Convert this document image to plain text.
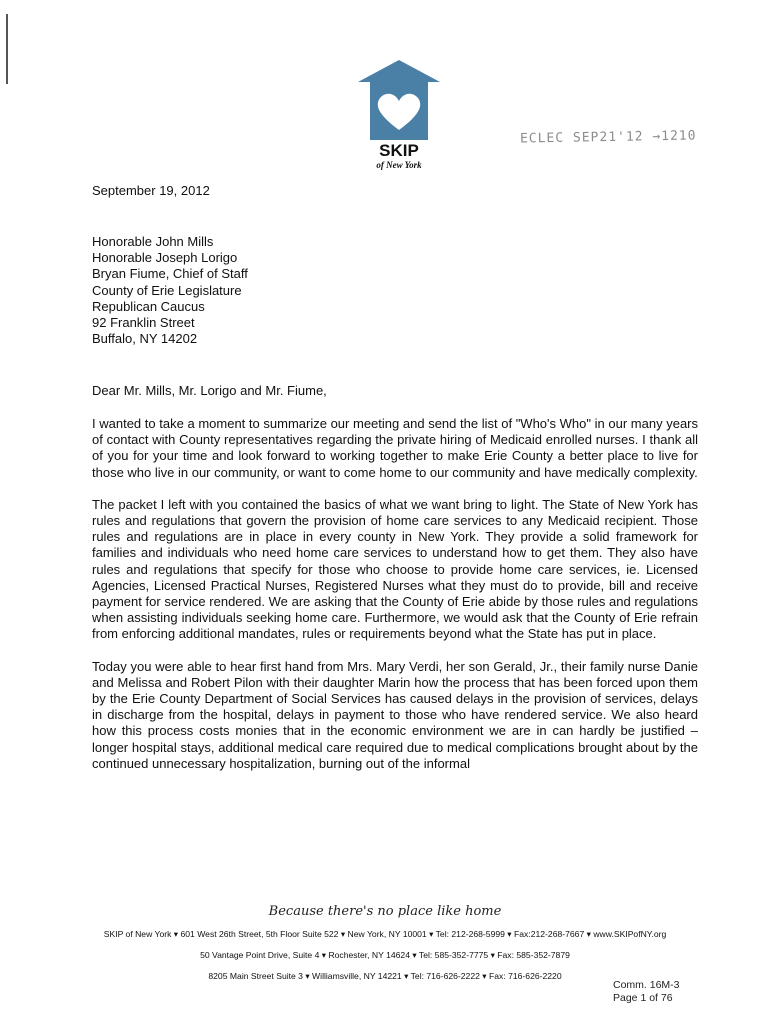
SKIP
of New York
ECLEC SEP21'12 →1210
September 19, 2012
Honorable John Mills
Honorable Joseph Lorigo
Bryan Fiume, Chief of Staff
County of Erie Legislature
Republican Caucus
92 Franklin Street
Buffalo, NY 14202
Dear Mr. Mills, Mr. Lorigo and Mr. Fiume,

I wanted to take a moment to summarize our meeting and send the list of "Who's Who" in our many years of contact with County representatives regarding the private hiring of Medicaid enrolled nurses. I thank all of you for your time and look forward to working together to make Erie County a better place to live for those who live in our community, or want to come home to our community and have medically complexity.

The packet I left with you contained the basics of what we want bring to light. The State of New York has rules and regulations that govern the provision of home care services to any Medicaid recipient. Those rules and regulations are in place in every county in New York. They provide a solid framework for families and individuals who need home care services to understand how to get them. They also have rules and regulations that specify for those who choose to provide home care services, ie. Licensed Agencies, Licensed Practical Nurses, Registered Nurses what they must do to provide, bill and receive payment for service rendered. We are asking that the County of Erie abide by those rules and regulations when assisting individuals seeking home care. Furthermore, we would ask that the County of Erie refrain from enforcing additional mandates, rules or requirements beyond what the State has put in place.

Today you were able to hear first hand from Mrs. Mary Verdi, her son Gerald, Jr., their family nurse Danie and Melissa and Robert Pilon with their daughter Marin how the process that has been forced upon them by the Erie County Department of Social Services has caused delays in the provision of services, delays in discharge from the hospital, delays in payment to those who have rendered service. We also heard how this process costs monies that in the economic environment we are in can hardly be justified – longer hospital stays, additional medical care required due to medical complications brought about by the continued unnecessary hospitalization, burning out of the informal

Because there's no place like home
SKIP of New York ▾ 601 West 26th Street, 5th Floor Suite 522 ▾ New York, NY 10001 ▾ Tel: 212-268-5999 ▾ Fax:212-268-7667 ▾ www.SKIPofNY.org
50 Vantage Point Drive, Suite 4 ▾ Rochester, NY 14624 ▾ Tel: 585-352-7775 ▾ Fax: 585-352-7879
8205 Main Street Suite 3 ▾ Williamsville, NY 14221 ▾ Tel: 716-626-2222 ▾ Fax: 716-626-2220
Comm. 16M-3
Page 1 of 76
